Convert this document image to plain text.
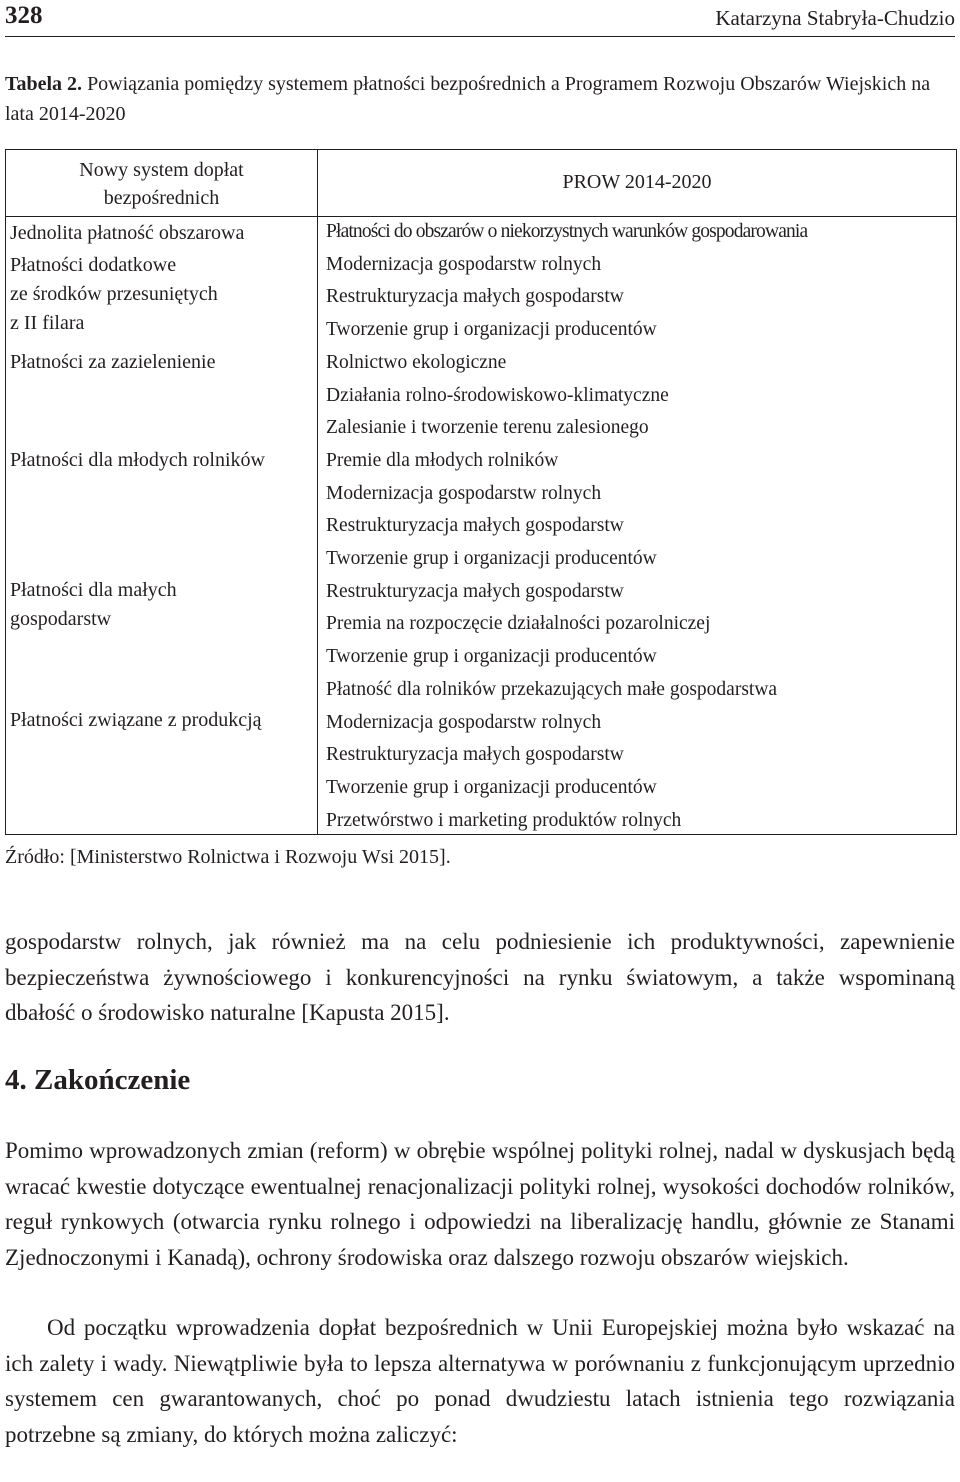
328	Katarzyna Stabryła-Chudzio
Tabela 2. Powiązania pomiędzy systemem płatności bezpośrednich a Programem Rozwoju Obszarów Wiejskich na lata 2014-2020
Nowy system dopłat
bezpośrednich
PROW 2014-2020
Jednolita płatność obszarowa
Płatności dodatkowe
ze środków przesuniętych
z II filara
Płatności za zazielenienie
Płatności dla młodych rolników
Płatności dla małych
gospodarstw
Płatności związane z produkcją
Płatności do obszarów o niekorzystnych warunków gospodarowania
Modernizacja gospodarstw rolnych
Restrukturyzacja małych gospodarstw
Tworzenie grup i organizacji producentów
Rolnictwo ekologiczne
Działania rolno-środowiskowo-klimatyczne
Zalesianie i tworzenie terenu zalesionego
Premie dla młodych rolników
Modernizacja gospodarstw rolnych
Restrukturyzacja małych gospodarstw
Tworzenie grup i organizacji producentów
Restrukturyzacja małych gospodarstw
Premia na rozpoczęcie działalności pozarolniczej
Tworzenie grup i organizacji producentów
Płatność dla rolników przekazujących małe gospodarstwa
Modernizacja gospodarstw rolnych
Restrukturyzacja małych gospodarstw
Tworzenie grup i organizacji producentów
Przetwórstwo i marketing produktów rolnych
Źródło: [Ministerstwo Rolnictwa i Rozwoju Wsi 2015].
gospodarstw rolnych, jak również ma na celu podniesienie ich produktywności, zapewnienie bezpieczeństwa żywnościowego i konkurencyjności na rynku światowym, a także wspominaną dbałość o środowisko naturalne [Kapusta 2015].
4. Zakończenie
Pomimo wprowadzonych zmian (reform) w obrębie wspólnej polityki rolnej, nadal w dyskusjach będą wracać kwestie dotyczące ewentualnej renacjonalizacji polityki rolnej, wysokości dochodów rolników, reguł rynkowych (otwarcia rynku rolnego i odpowiedzi na liberalizację handlu, głównie ze Stanami Zjednoczonymi i Kanadą), ochrony środowiska oraz dalszego rozwoju obszarów wiejskich.
Od początku wprowadzenia dopłat bezpośrednich w Unii Europejskiej można było wskazać na ich zalety i wady. Niewątpliwie była to lepsza alternatywa w porównaniu z funkcjonującym uprzednio systemem cen gwarantowanych, choć po ponad dwudziestu latach istnienia tego rozwiązania potrzebne są zmiany, do których można zaliczyć:
